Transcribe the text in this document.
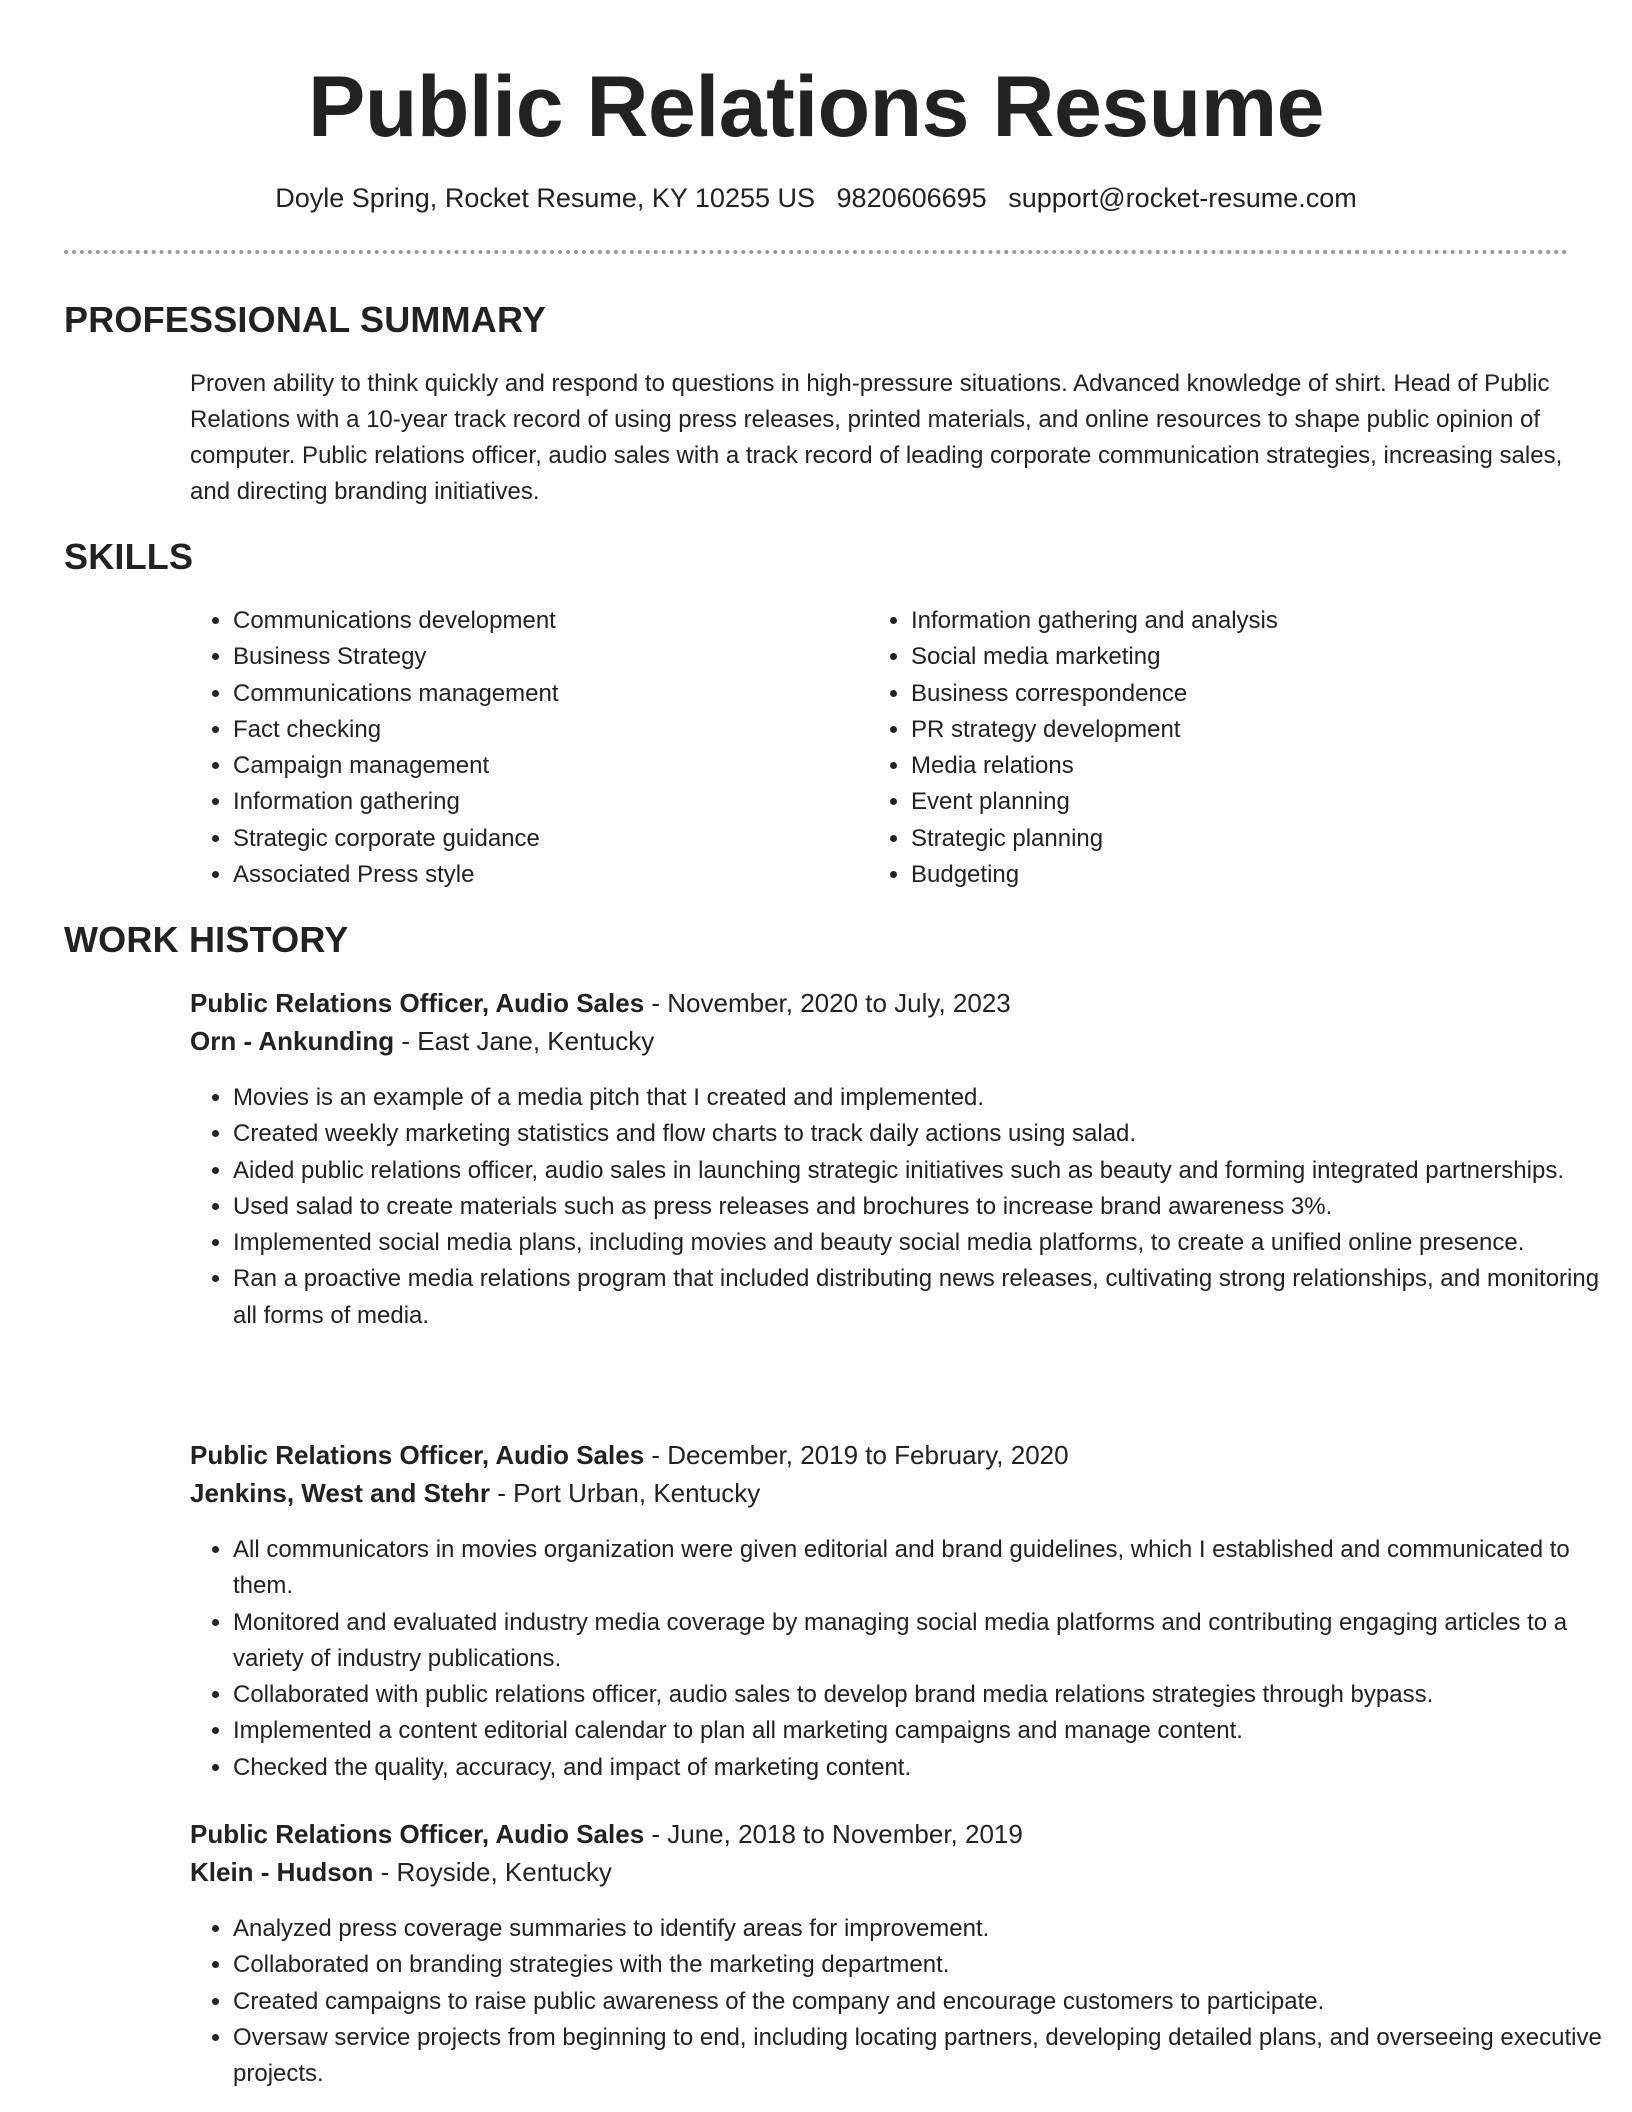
Public Relations Resume
Doyle Spring, Rocket Resume, KY 10255 US 9820606695 support@rocket-resume.com
PROFESSIONAL SUMMARY
Proven ability to think quickly and respond to questions in high-pressure situations. Advanced knowledge of shirt. Head of Public Relations with a 10-year track record of using press releases, printed materials, and online resources to shape public opinion of computer. Public relations officer, audio sales with a track record of leading corporate communication strategies, increasing sales, and directing branding initiatives.
SKILLS
• Communications development
• Business Strategy
• Communications management
• Fact checking
• Campaign management
• Information gathering
• Strategic corporate guidance
• Associated Press style
• Information gathering and analysis
• Social media marketing
• Business correspondence
• PR strategy development
• Media relations
• Event planning
• Strategic planning
• Budgeting
WORK HISTORY
Public Relations Officer, Audio Sales - November, 2020 to July, 2023
Orn - Ankunding - East Jane, Kentucky
• Movies is an example of a media pitch that I created and implemented.
• Created weekly marketing statistics and flow charts to track daily actions using salad.
• Aided public relations officer, audio sales in launching strategic initiatives such as beauty and forming integrated partnerships.
• Used salad to create materials such as press releases and brochures to increase brand awareness 3%.
• Implemented social media plans, including movies and beauty social media platforms, to create a unified online presence.
• Ran a proactive media relations program that included distributing news releases, cultivating strong relationships, and monitoring all forms of media.
Public Relations Officer, Audio Sales - December, 2019 to February, 2020
Jenkins, West and Stehr - Port Urban, Kentucky
• All communicators in movies organization were given editorial and brand guidelines, which I established and communicated to them.
• Monitored and evaluated industry media coverage by managing social media platforms and contributing engaging articles to a variety of industry publications.
• Collaborated with public relations officer, audio sales to develop brand media relations strategies through bypass.
• Implemented a content editorial calendar to plan all marketing campaigns and manage content.
• Checked the quality, accuracy, and impact of marketing content.
Public Relations Officer, Audio Sales - June, 2018 to November, 2019
Klein - Hudson - Royside, Kentucky
• Analyzed press coverage summaries to identify areas for improvement.
• Collaborated on branding strategies with the marketing department.
• Created campaigns to raise public awareness of the company and encourage customers to participate.
• Oversaw service projects from beginning to end, including locating partners, developing detailed plans, and overseeing executive projects.
